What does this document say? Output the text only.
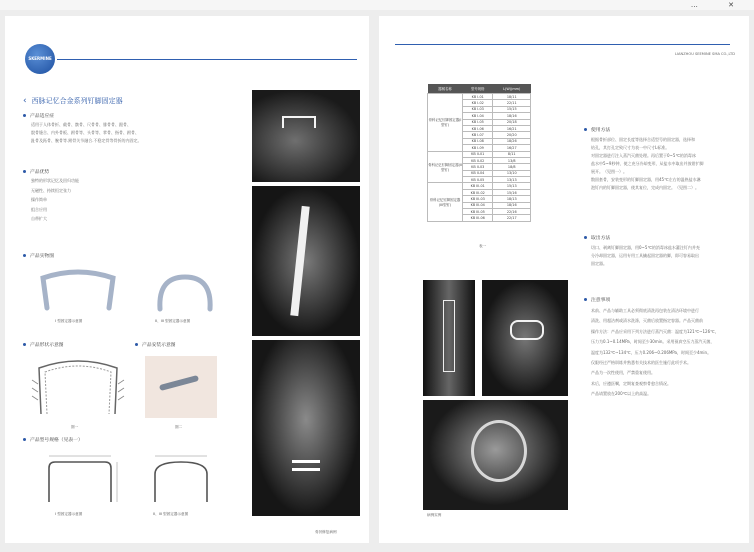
… ✕
SKERMINE
‹ 西脉记忆合金系列钉脚固定器
产品适应症
适用于人体骨折、截骨、髌骨、尺骨骨、腓骨骨、跟骨、
骰骨缝合、内外骨板、跗骨等、头骨等、掌骨、指骨、跗骨、
趾骨及跖骨、腕骨等.跗骨关节融合.不稳定骨等骨折的内固定。
产品优势
独特的形状记忆及回归功能
无磁性、持续恒定张力
操作简单
组合应用
自带扩大
产品实物图
I 型固定器示意图	II、III 型固定器示意图
产品形状示意图	产品安装示意图
图一	图二
产品型号规格（见表一）
I 型固定器示意图	II、III 型固定器示意图
骨折修复病例
LIANZHOU SEEMINE SMA CO.,LTD
器械名称	型号规格	L(W)(mm)
骨科记忆钉脚固定器(I型钉)	KB I-01	18/11
	KB I-02	22/11
	KB I-03	15/15
	KB I-04	18/16
	KB I-05	20/18
	KB I-06	16/21
	KB I-07	20/20
	KB I-08	18/26
	KB I-09	16/27
骨科记忆钉脚固定器(II型钉)	KB II-01	8/11
	KB II-02	13/8
	KB II-03	18/8
	KB II-04	13/10
	KB II-05	13/13
骨科记忆钉脚固定器(III型钉)	KB III-01	15/13
	KB III-02	15/16
	KB III-03	18/13
	KB III-04	18/16
	KB III-05	22/16
	KB III-06	22/17
表一
使用方法
根据骨折部位、固定长度等选择合适型号的固定器，选择和
钻孔，其打孔定致尺寸为表一中尺寸L标准。
对固定器进行注入蒸汽灭菌处理。再后置于0~5℃的消毒冰
盐水中5~9秒钟，使之充分冷却变形，从盐水中取出并放钳扩脚
展开。（见图一）。
散固套骨，安装变形的钉脚固定器，用45℃左右的温热盐水淋
泡钉内的钉脚固定器，使其复位，完成内固定。（见图二）。
取出方法
切口、剥离钉脚固定器，用0~5℃的消毒冰盐水灌注钉内并充
分冷却固定器，运用专用工具撬起固定器的脚，即可容易取出
固定器。
注意事项
术前、产品与辅助工具必须彻底清洗再包装在清洁环境中进行
清洗、用超洁剂或清水洗涤，灭菌后放置指定容器。产品灭菌前
操作方法：产品应采用下列方法进行蒸汽灭菌：温度为121℃~126℃，
压力为0.1~0.14MPa，时间至少30min。采用预真空压力蒸汽灭菌，
温度为132℃~134℃，压力0.206~0.206MPa，时间至少4min。
仅限经过严格训练并熟悉有关技术的医生施行此项手术。
产品为一次性使用，严禁重复使用。
术后，应遵医嘱，定期复查观察骨愈合情况。
产品请置放在200℃以上的高温。
病例实例
